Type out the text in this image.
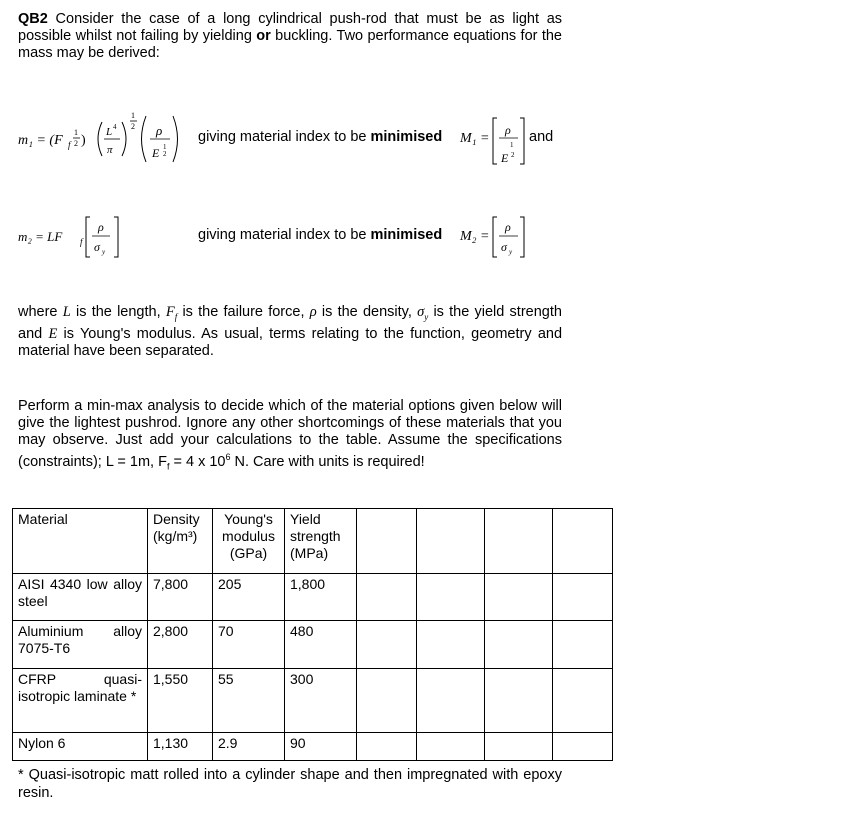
QB2 Consider the case of a long cylindrical push-rod that must be as light as possible whilst not failing by yielding or buckling. Two performance equations for the mass may be derived:
m₁ = (F f
1
2 )
L 4
π
1
2 ρ
E 1
2
giving material index to be minimised M₁ =
ρ
1
E 2
and
m₂ = LF f
ρ
σ y
giving material index to be minimised M₂ =
ρ
σ y
where L is the length, $F_f$ is the failure force, ρ is the density, $\sigma_y$ is the yield strength and E is Young's modulus. As usual, terms relating to the function, geometry and material have been separated.
Perform a min-max analysis to decide which of the material options given below will give the lightest pushrod. Ignore any other shortcomings of these materials that you may observe. Just add your calculations to the table. Assume the specifications (constraints); L = 1m, $F_f = 4$ x $10^6$ N. Care with units is required!
Material	Density (kg/m³)	Young's modulus (GPa)	Yield strength (MPa)				
AISI 4340 low alloy steel	7,800	205	1,800				
Aluminium alloy 7075-T6	2,800	70	480				
CFRP quasi-isotropic laminate *	1,550	55	300				
Nylon 6	1,130	2.9	90				
* Quasi-isotropic matt rolled into a cylinder shape and then impregnated with epoxy resin.
